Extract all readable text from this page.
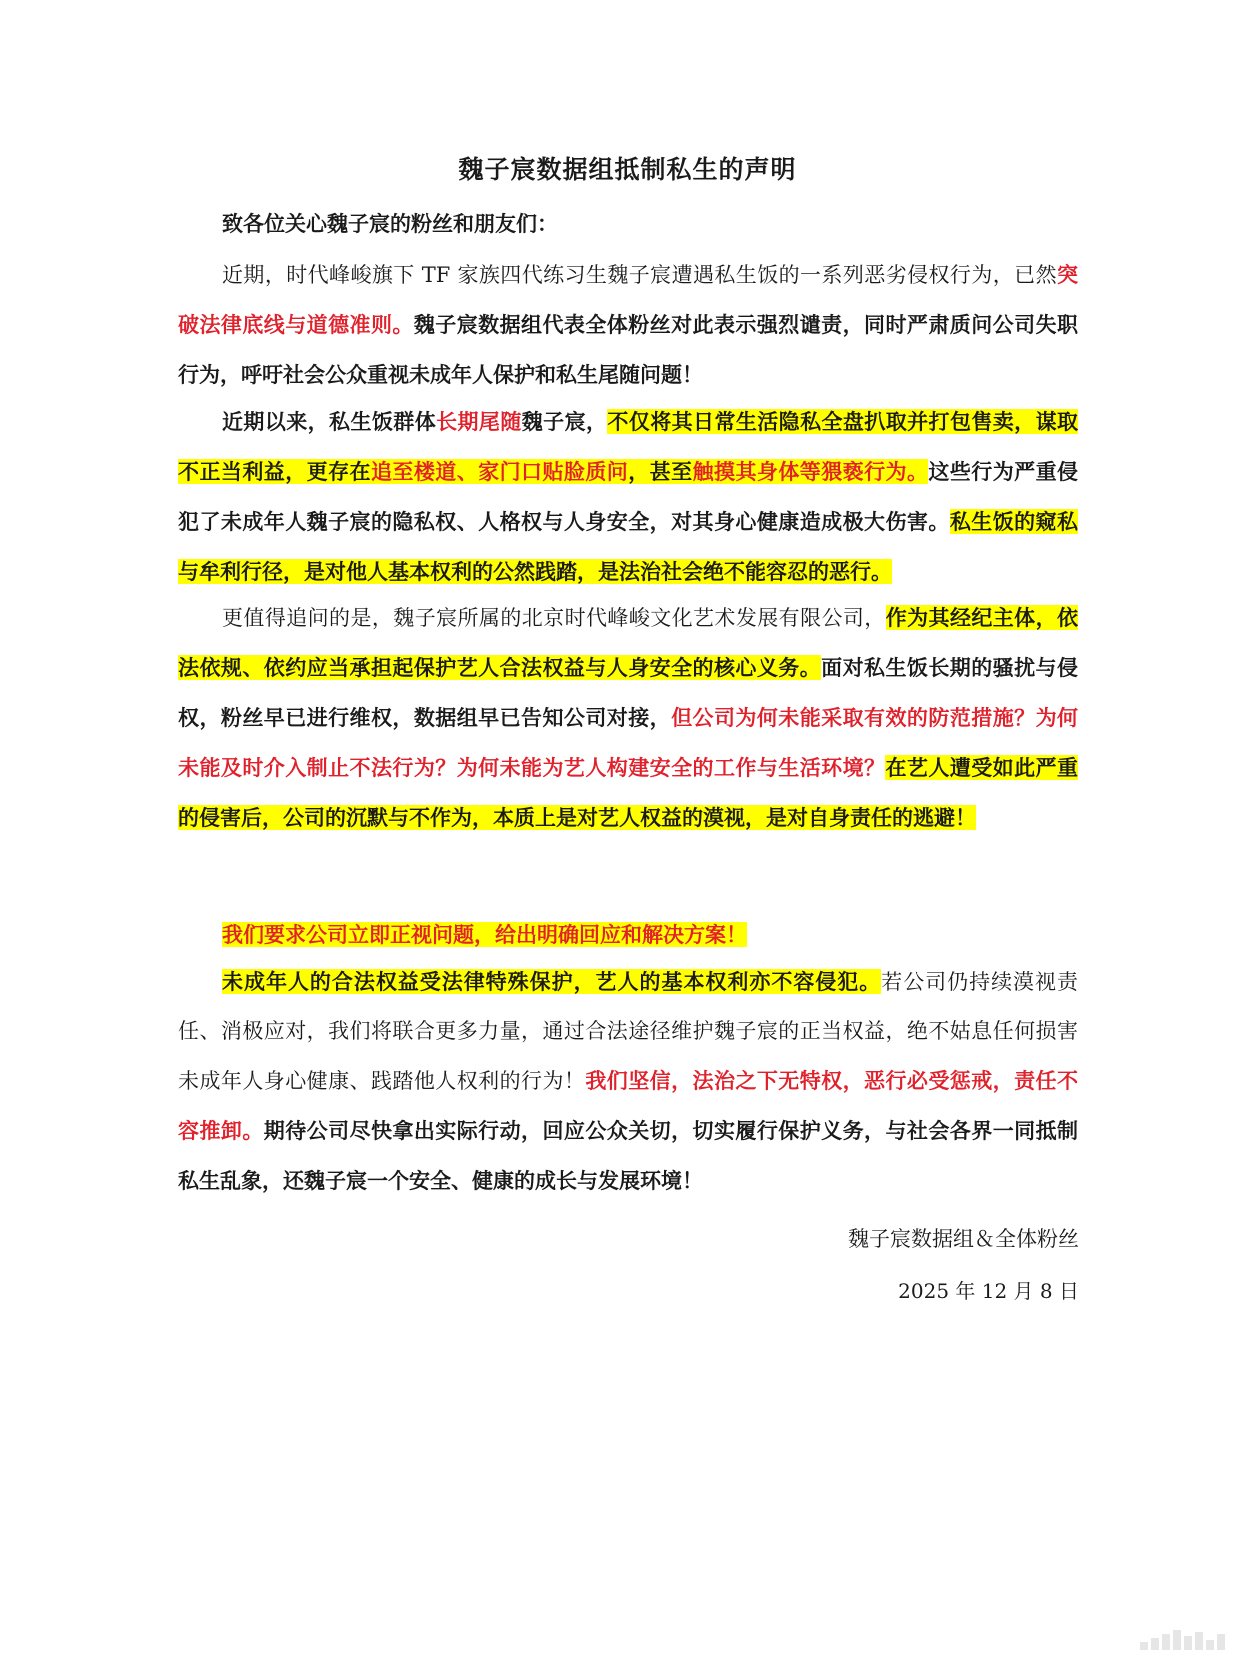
魏子宸数据组抵制私生的声明

致各位关心魏子宸的粉丝和朋友们：

近期，时代峰峻旗下 TF 家族四代练习生魏子宸遭遇私生饭的一系列恶劣侵权行为，已然突破法律底线与道德准则。魏子宸数据组代表全体粉丝对此表示强烈谴责，同时严肃质问公司失职行为，呼吁社会公众重视未成年人保护和私生尾随问题！

近期以来，私生饭群体长期尾随魏子宸，不仅将其日常生活隐私全盘扒取并打包售卖，谋取不正当利益，更存在追至楼道、家门口贴脸质问，甚至触摸其身体等猥亵行为。这些行为严重侵犯了未成年人魏子宸的隐私权、人格权与人身安全，对其身心健康造成极大伤害。私生饭的窥私与牟利行径，是对他人基本权利的公然践踏，是法治社会绝不能容忍的恶行。

更值得追问的是，魏子宸所属的北京时代峰峻文化艺术发展有限公司，作为其经纪主体，依法依规、依约应当承担起保护艺人合法权益与人身安全的核心义务。面对私生饭长期的骚扰与侵权，粉丝早已进行维权，数据组早已告知公司对接，但公司为何未能采取有效的防范措施？为何未能及时介入制止不法行为？为何未能为艺人构建安全的工作与生活环境？在艺人遭受如此严重的侵害后，公司的沉默与不作为，本质上是对艺人权益的漠视，是对自身责任的逃避！

我们要求公司立即正视问题，给出明确回应和解决方案！

未成年人的合法权益受法律特殊保护，艺人的基本权利亦不容侵犯。若公司仍持续漠视责任、消极应对，我们将联合更多力量，通过合法途径维护魏子宸的正当权益，绝不姑息任何损害未成年人身心健康、践踏他人权利的行为！我们坚信，法治之下无特权，恶行必受惩戒，责任不容推卸。期待公司尽快拿出实际行动，回应公众关切，切实履行保护义务，与社会各界一同抵制私生乱象，还魏子宸一个安全、健康的成长与发展环境！

魏子宸数据组＆全体粉丝

2025 年 12 月 8 日
